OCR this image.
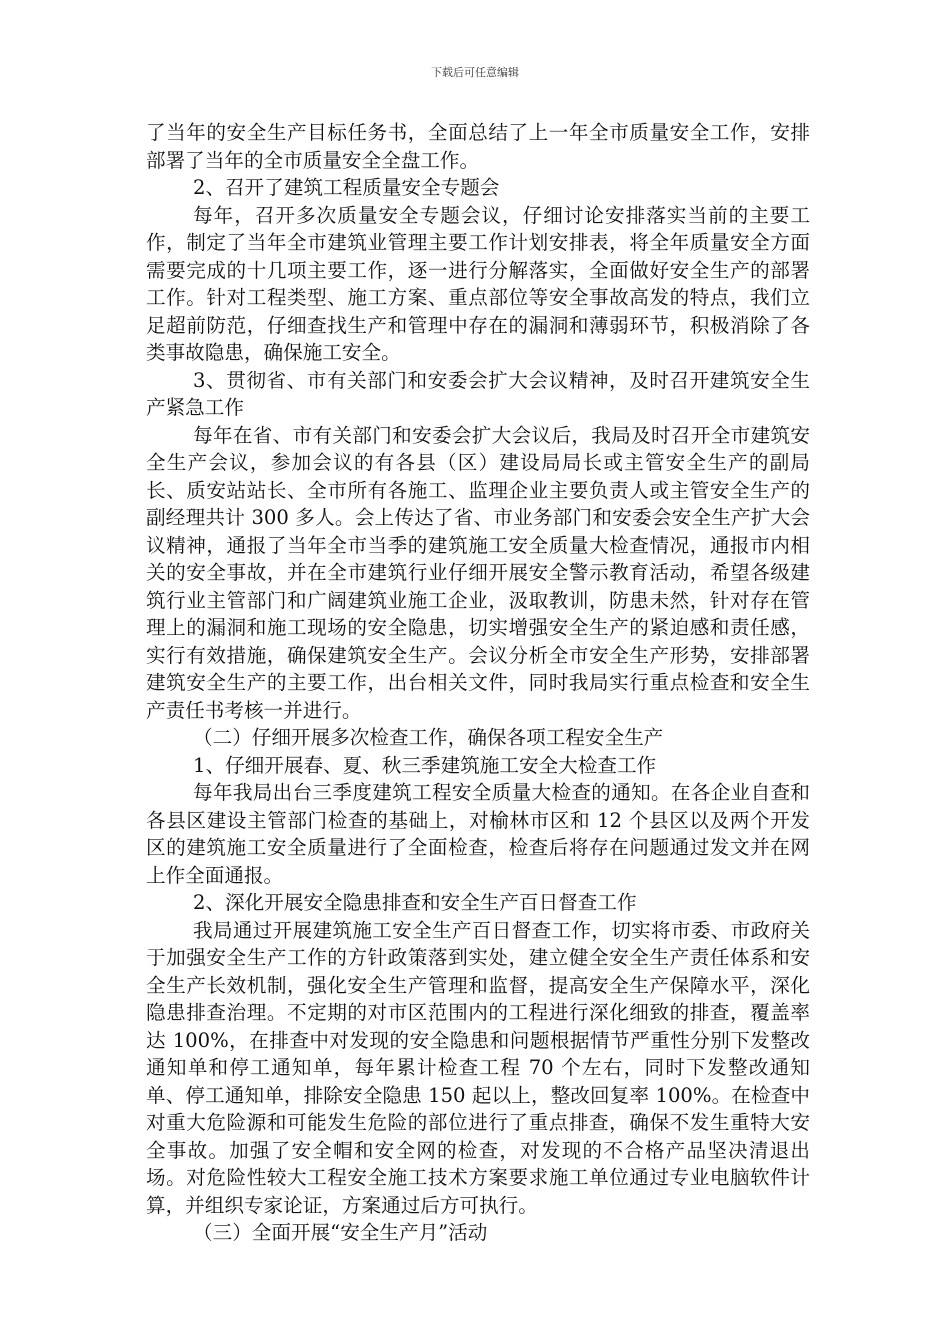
下载后可任意编辑

了当年的安全生产目标任务书，全面总结了上一年全市质量安全工作，安排部署了当年的全市质量安全全盘工作。

2、召开了建筑工程质量安全专题会

每年，召开多次质量安全专题会议，仔细讨论安排落实当前的主要工作，制定了当年全市建筑业管理主要工作计划安排表，将全年质量安全方面需要完成的十几项主要工作，逐一进行分解落实，全面做好安全生产的部署工作。针对工程类型、施工方案、重点部位等安全事故高发的特点，我们立足超前防范，仔细查找生产和管理中存在的漏洞和薄弱环节，积极消除了各类事故隐患，确保施工安全。

3、贯彻省、市有关部门和安委会扩大会议精神，及时召开建筑安全生产紧急工作

每年在省、市有关部门和安委会扩大会议后，我局及时召开全市建筑安全生产会议，参加会议的有各县（区）建设局局长或主管安全生产的副局长、质安站站长、全市所有各施工、监理企业主要负责人或主管安全生产的副经理共计 300 多人。会上传达了省、市业务部门和安委会安全生产扩大会议精神，通报了当年全市当季的建筑施工安全质量大检查情况，通报市内相关的安全事故，并在全市建筑行业仔细开展安全警示教育活动，希望各级建筑行业主管部门和广阔建筑业施工企业，汲取教训，防患未然，针对存在管理上的漏洞和施工现场的安全隐患，切实增强安全生产的紧迫感和责任感，实行有效措施，确保建筑安全生产。会议分析全市安全生产形势，安排部署建筑安全生产的主要工作，出台相关文件，同时我局实行重点检查和安全生产责任书考核一并进行。

（二）仔细开展多次检查工作，确保各项工程安全生产

1、仔细开展春、夏、秋三季建筑施工安全大检查工作

每年我局出台三季度建筑工程安全质量大检查的通知。在各企业自查和各县区建设主管部门检查的基础上，对榆林市区和 12 个县区以及两个开发区的建筑施工安全质量进行了全面检查，检查后将存在问题通过发文并在网上作全面通报。

2、深化开展安全隐患排查和安全生产百日督查工作

我局通过开展建筑施工安全生产百日督查工作，切实将市委、市政府关于加强安全生产工作的方针政策落到实处，建立健全安全生产责任体系和安全生产长效机制，强化安全生产管理和监督，提高安全生产保障水平，深化隐患排查治理。不定期的对市区范围内的工程进行深化细致的排查，覆盖率达 100%，在排查中对发现的安全隐患和问题根据情节严重性分别下发整改通知单和停工通知单，每年累计检查工程 70 个左右，同时下发整改通知单、停工通知单，排除安全隐患 150 起以上，整改回复率 100%。在检查中对重大危险源和可能发生危险的部位进行了重点排查，确保不发生重特大安全事故。加强了安全帽和安全网的检查，对发现的不合格产品坚决清退出场。对危险性较大工程安全施工技术方案要求施工单位通过专业电脑软件计算，并组织专家论证，方案通过后方可执行。

（三）全面开展“安全生产月”活动
